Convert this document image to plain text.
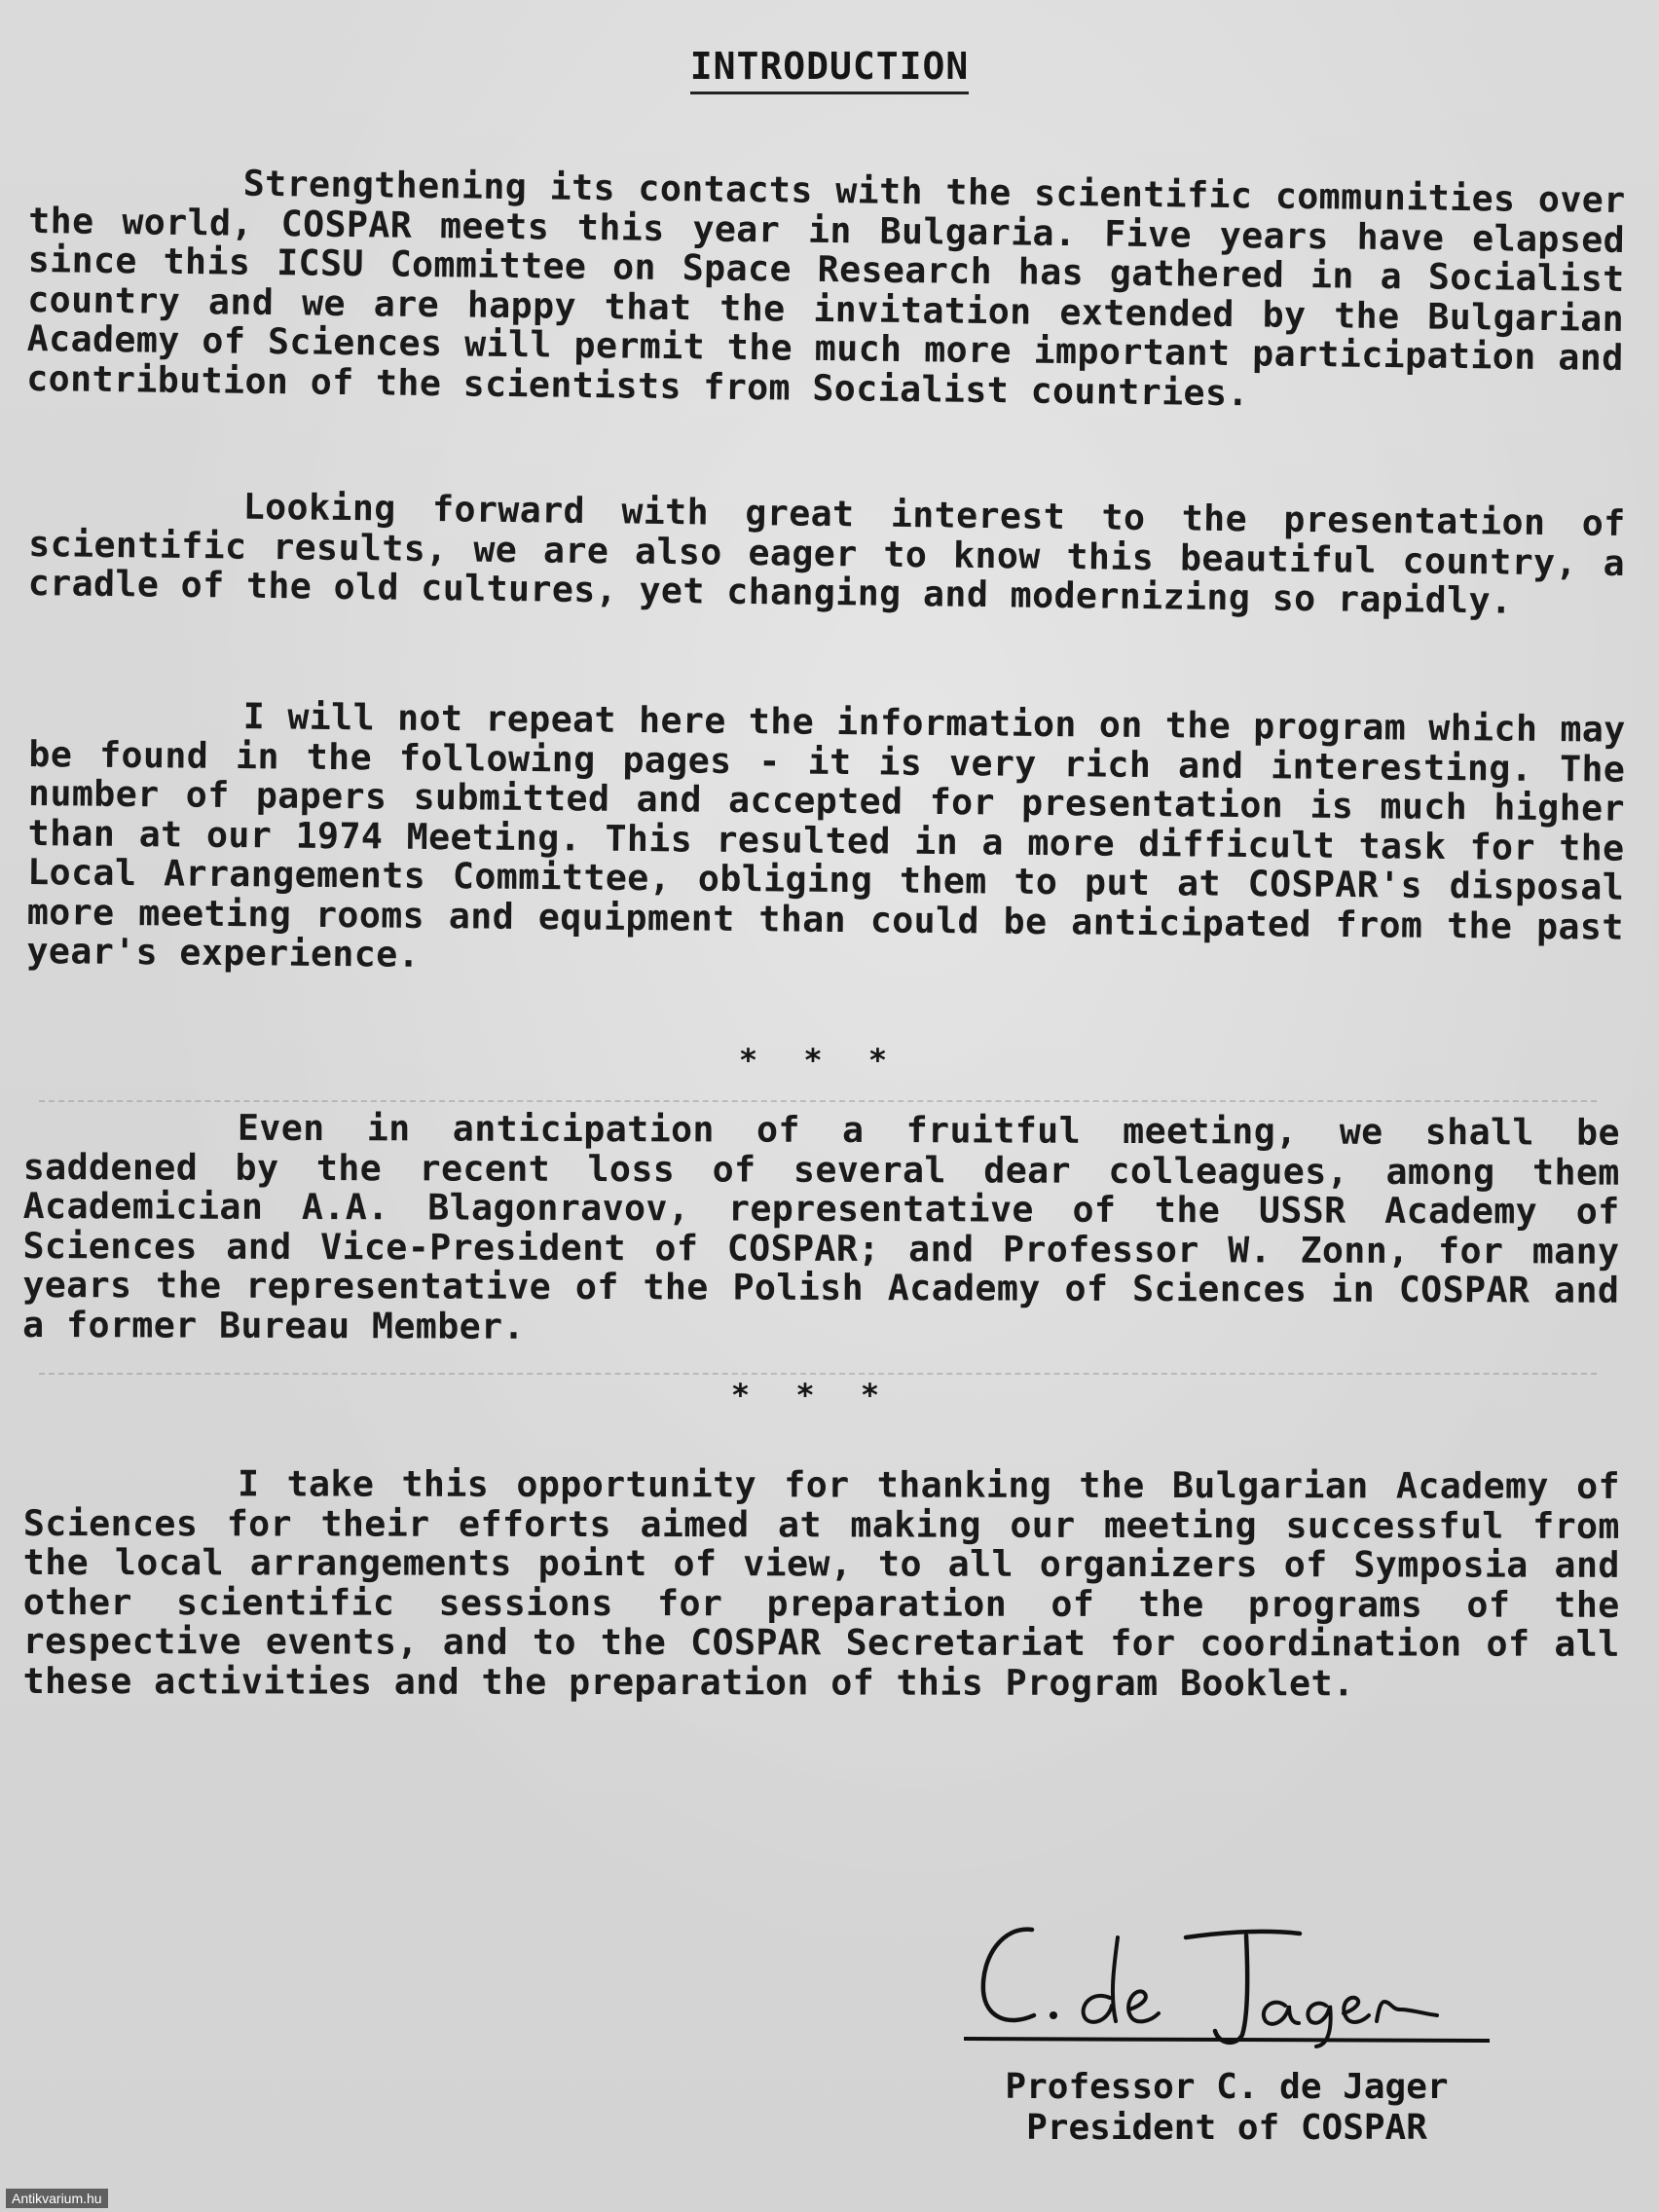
INTRODUCTION

Strengthening its contacts with the scientific communities over the world, COSPAR meets this year in Bulgaria. Five years have elapsed since this ICSU Committee on Space Research has gathered in a Socialist country and we are happy that the invitation extended by the Bulgarian Academy of Sciences will permit the much more important participation and contribution of the scientists from Socialist countries.

Looking forward with great interest to the presentation of scientific results, we are also eager to know this beautiful country, a cradle of the old cultures, yet changing and modernizing so rapidly.

I will not repeat here the information on the program which may be found in the following pages - it is very rich and interesting. The number of papers submitted and accepted for presentation is much higher than at our 1974 Meeting. This resulted in a more difficult task for the Local Arrangements Committee, obliging them to put at COSPAR's disposal more meeting rooms and equipment than could be anticipated from the past year's experience.

* * *

Even in anticipation of a fruitful meeting, we shall be saddened by the recent loss of several dear colleagues, among them Academician A.A. Blagonravov, representative of the USSR Academy of Sciences and Vice-President of COSPAR; and Professor W. Zonn, for many years the representative of the Polish Academy of Sciences in COSPAR and a former Bureau Member.

* * *

I take this opportunity for thanking the Bulgarian Academy of Sciences for their efforts aimed at making our meeting successful from the local arrangements point of view, to all organizers of Symposia and other scientific sessions for preparation of the programs of the respective events, and to the COSPAR Secretariat for coordination of all these activities and the preparation of this Program Booklet.

Professor C. de Jager
President of COSPAR
Antikvarium.hu
